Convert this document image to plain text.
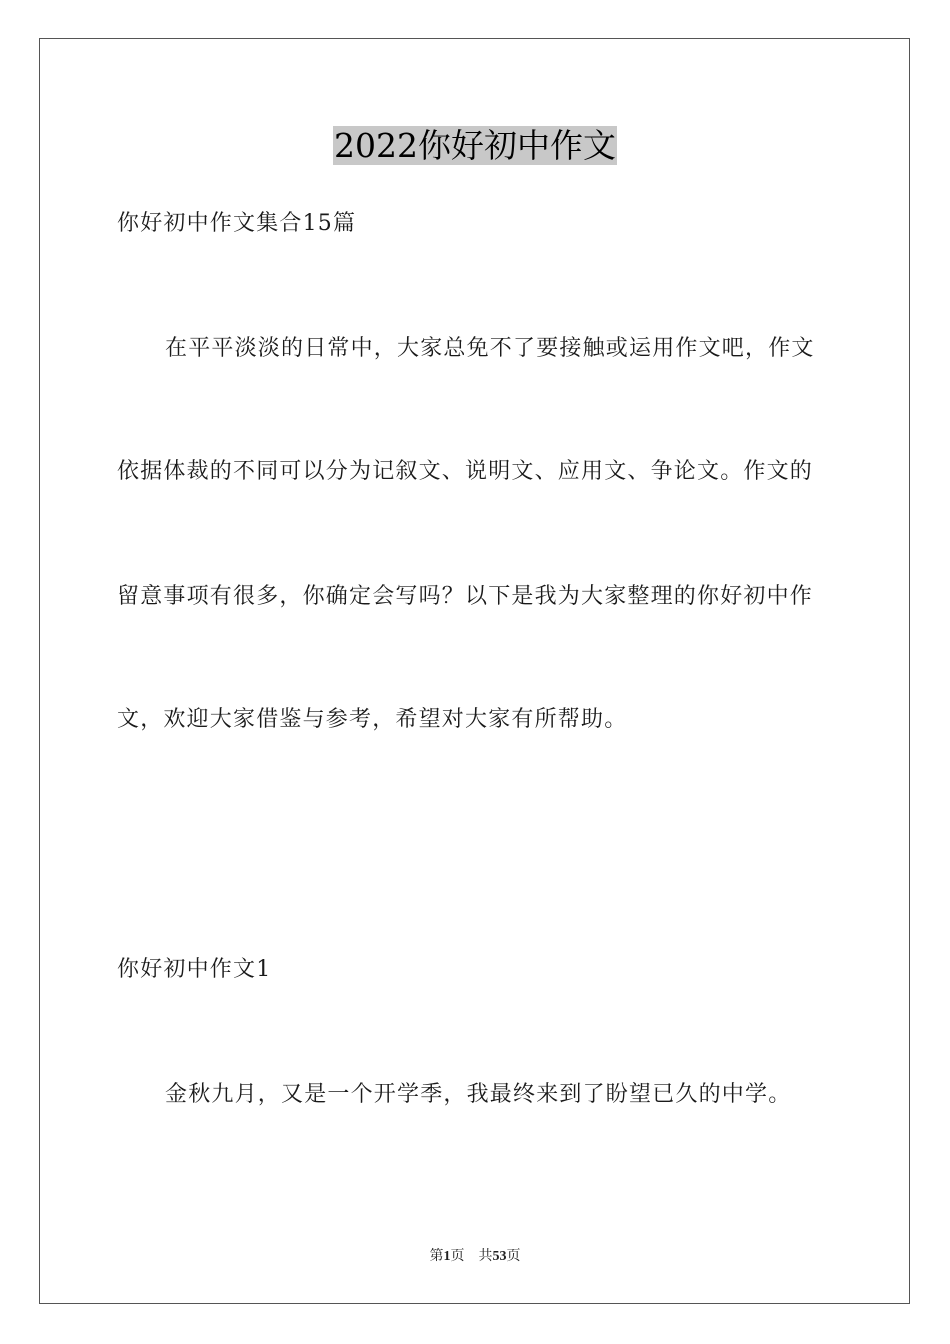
2022你好初中作文
你好初中作文集合15篇
在平平淡淡的日常中，大家总免不了要接触或运用作文吧，作文
依据体裁的不同可以分为记叙文、说明文、应用文、争论文。作文的
留意事项有很多，你确定会写吗？以下是我为大家整理的你好初中作
文，欢迎大家借鉴与参考，希望对大家有所帮助。
你好初中作文1
金秋九月，又是一个开学季，我最终来到了盼望已久的中学。
第1页　共53页
